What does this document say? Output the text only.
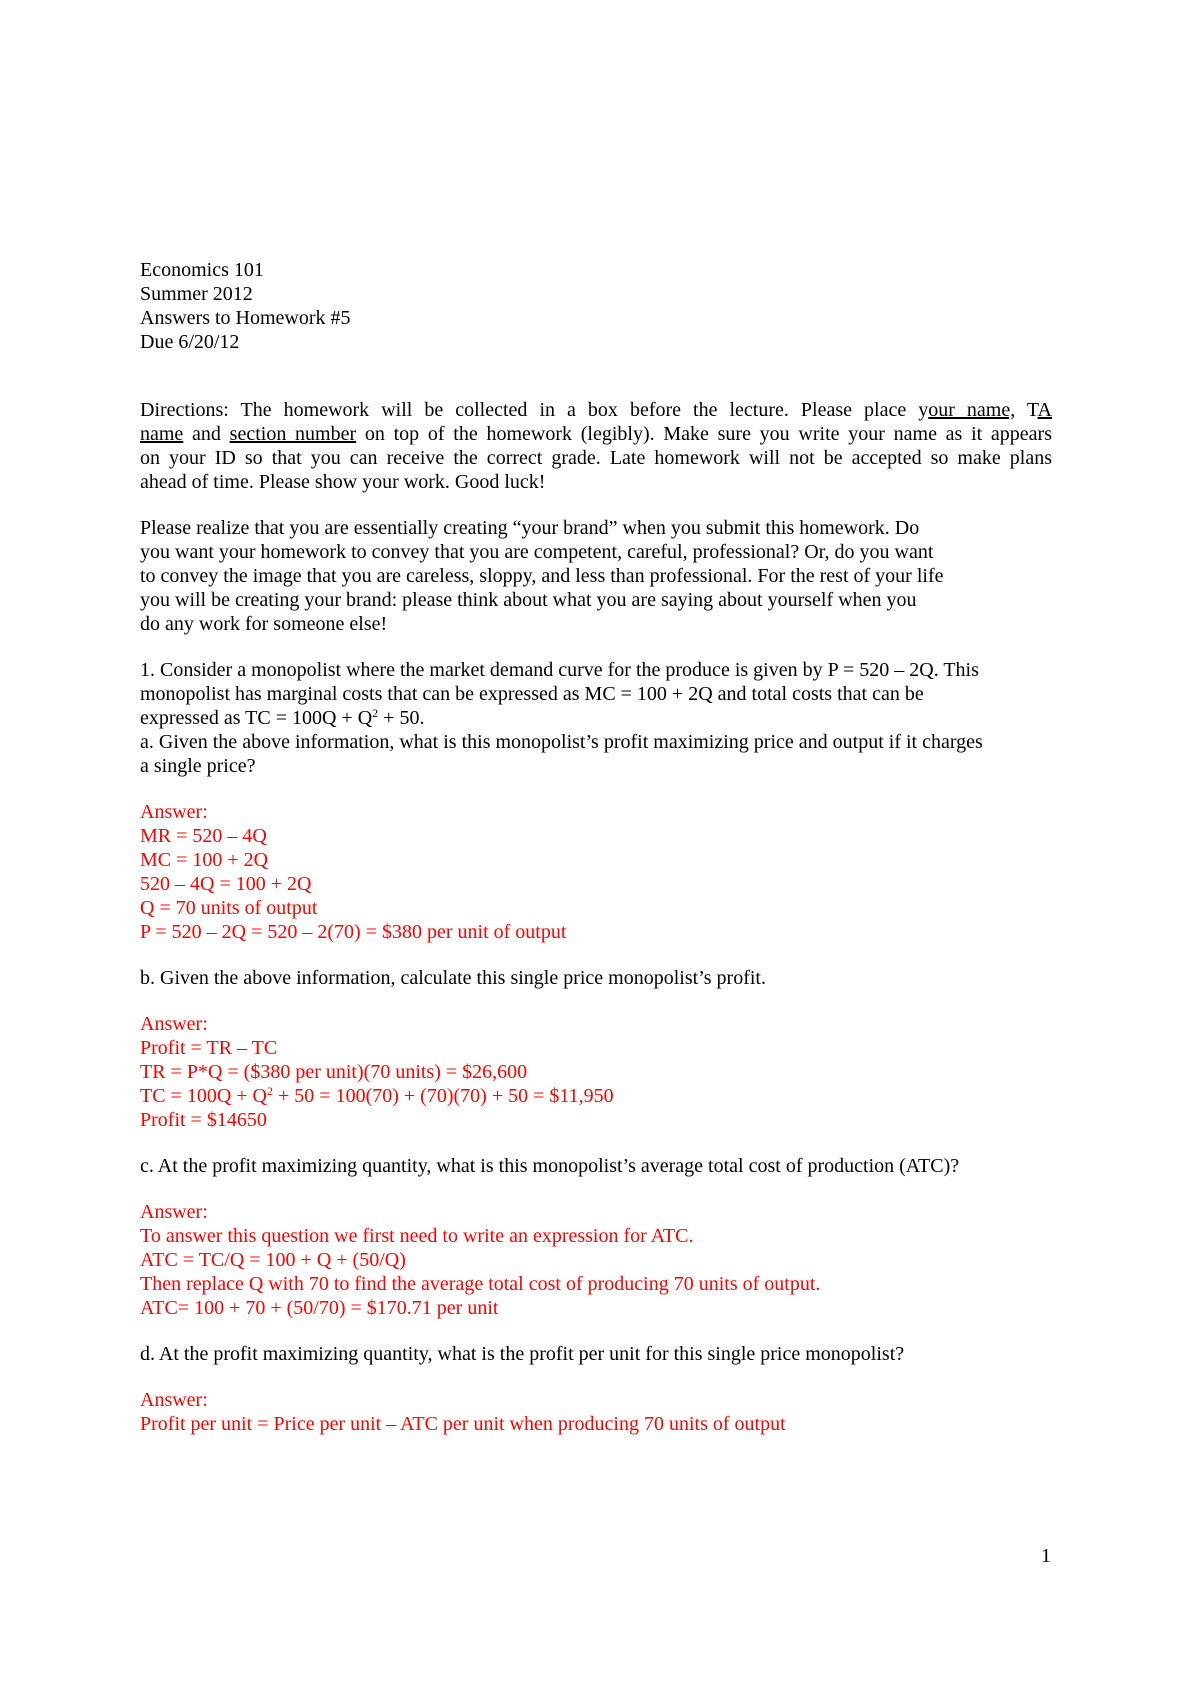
Economics 101
Summer 2012
Answers to Homework #5
Due 6/20/12
Directions: The homework will be collected in a box before the lecture. Please place your name, TA
name and section number on top of the homework (legibly). Make sure you write your name as it appears
on your ID so that you can receive the correct grade. Late homework will not be accepted so make plans
ahead of time. Please show your work. Good luck!
Please realize that you are essentially creating “your brand” when you submit this homework. Do
you want your homework to convey that you are competent, careful, professional? Or, do you want
to convey the image that you are careless, sloppy, and less than professional. For the rest of your life
you will be creating your brand: please think about what you are saying about yourself when you
do any work for someone else!
1. Consider a monopolist where the market demand curve for the produce is given by P = 520 – 2Q. This
monopolist has marginal costs that can be expressed as MC = 100 + 2Q and total costs that can be
expressed as TC = $100Q + Q^2 + 50$.
a. Given the above information, what is this monopolist’s profit maximizing price and output if it charges
a single price?
Answer:
MR = 520 – 4Q
MC = 100 + 2Q
520 – 4Q = 100 + 2Q
Q = 70 units of output
P = 520 – 2Q = 520 – 2(70) = $380 per unit of output
b. Given the above information, calculate this single price monopolist’s profit.
Answer:
Profit = TR – TC
TR = P*Q = ($380 per unit)(70 units) = $26,600
TC = $100Q + Q^2 + 50 = 100(70) + (70)(70) + 50$ = $11,950
Profit = $14650
c. At the profit maximizing quantity, what is this monopolist’s average total cost of production (ATC)?
Answer:
To answer this question we first need to write an expression for ATC.
ATC = TC/Q = 100 + Q + (50/Q)
Then replace Q with 70 to find the average total cost of producing 70 units of output.
ATC= 100 + 70 + (50/70) = $170.71 per unit
d. At the profit maximizing quantity, what is the profit per unit for this single price monopolist?
Answer:
Profit per unit = Price per unit – ATC per unit when producing 70 units of output
1
